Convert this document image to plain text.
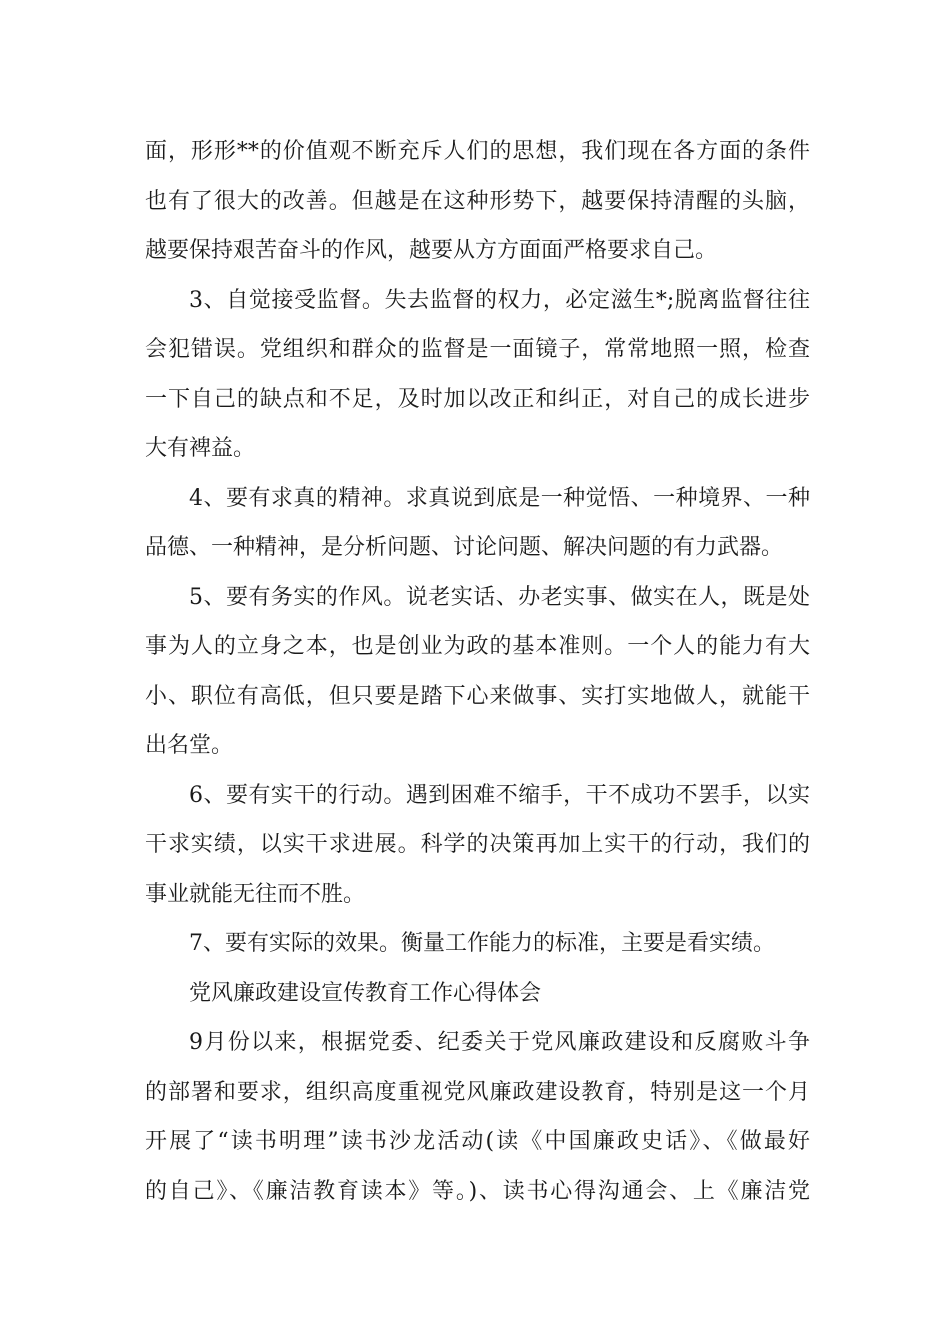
面，形形**的价值观不断充斥人们的思想，我们现在各方面的条件
也有了很大的改善。但越是在这种形势下，越要保持清醒的头脑，
越要保持艰苦奋斗的作风，越要从方方面面严格要求自己。
3、自觉接受监督。失去监督的权力，必定滋生*;脱离监督往往
会犯错误。党组织和群众的监督是一面镜子，常常地照一照，检查
一下自己的缺点和不足，及时加以改正和纠正，对自己的成长进步
大有裨益。
4、要有求真的精神。求真说到底是一种觉悟、一种境界、一种
品德、一种精神，是分析问题、讨论问题、解决问题的有力武器。
5、要有务实的作风。说老实话、办老实事、做实在人，既是处
事为人的立身之本，也是创业为政的基本准则。一个人的能力有大
小、职位有高低，但只要是踏下心来做事、实打实地做人，就能干
出名堂。
6、要有实干的行动。遇到困难不缩手，干不成功不罢手，以实
干求实绩，以实干求进展。科学的决策再加上实干的行动，我们的
事业就能无往而不胜。
7、要有实际的效果。衡量工作能力的标准，主要是看实绩。
党风廉政建设宣传教育工作心得体会
9月份以来，根据党委、纪委关于党风廉政建设和反腐败斗争
的部署和要求，组织高度重视党风廉政建设教育，特别是这一个月
开展了“读书明理”读书沙龙活动(读《中国廉政史话》、《做最好
的自己》、《廉洁教育读本》等。)、读书心得沟通会、上《廉洁党
